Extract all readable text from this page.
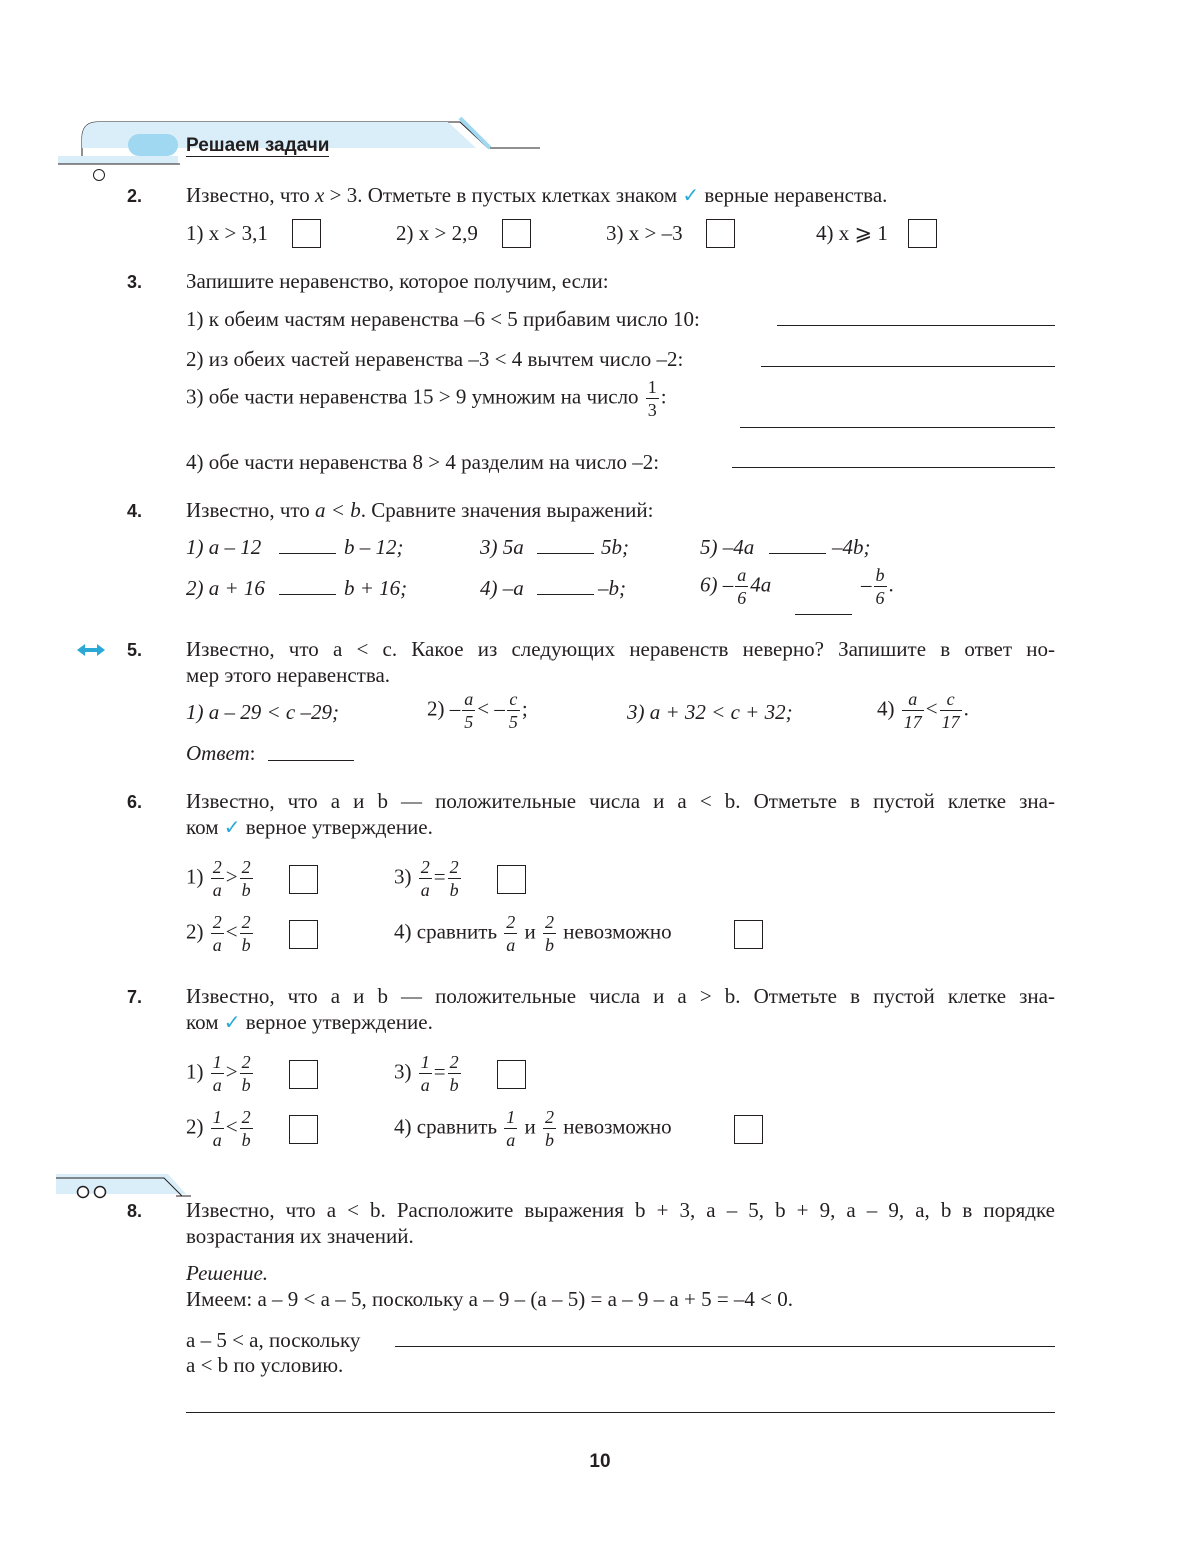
Решаем задачи
2. Известно, что x > 3. Отметьте в пустых клетках знаком ✓ верные неравенства.
1) x > 3,1	2) x > 2,9	3) x > –3	4) x ⩾ 1
3. Запишите неравенство, которое получим, если:
1) к обеим частям неравенства –6 < 5 прибавим число 10:
2) из обеих частей неравенства –3 < 4 вычтем число –2:
3) обе части неравенства 15 > 9 умножим на число $\frac{1}{3}$ :
4) обе части неравенства 8 > 4 разделим на число –2:
4. Известно, что a < b. Сравните значения выражений:
1) a – 12	b – 12;	3) 5a	5b;	5) –4a	–4b;
2) a + 16	b + 16;	4) –a	–b;	$6) - \frac{a}{6} 4a$	– $\frac{b}{6}$ .
5. Известно, что a < c. Какое из следующих неравенств неверно? Запишите в ответ но-
мер этого неравенства.
1) a – 29 < c –29;	$2) - \frac{a}{5}$ < – $\frac{c}{5}$ ;	3) a + 32 < c + 32;	$4) \frac{a}{17} < \frac{c}{17}$ .
Ответ:
6. Известно, что a и b — положительные числа и a < b. Отметьте в пустой клетке зна-
ком ✓ верное утверждение.
$1) \frac{2}{a} > \frac{2}{b}$	$3) \frac{2}{a} = \frac{2}{b}$
$2) \frac{2}{a} < \frac{2}{b}$	4) сравнить $\frac{2}{a}$ и $\frac{2}{b}$ невозможно
7. Известно, что a и b — положительные числа и a > b. Отметьте в пустой клетке зна-
ком ✓ верное утверждение.
$1) \frac{1}{a} > \frac{2}{b}$	$3) \frac{1}{a} = \frac{2}{b}$
$2) \frac{1}{a} < \frac{2}{b}$	4) сравнить $\frac{1}{a}$ и $\frac{2}{b}$ невозможно
8. Известно, что a < b. Расположите выражения b + 3, a – 5, b + 9, a – 9, a, b в порядке
возрастания их значений.
Решение.
Имеем: a – 9 < a – 5, поскольку a – 9 – (a – 5) = a – 9 – a + 5 = –4 < 0.
a – 5 < a, поскольку
a < b по условию.
10
